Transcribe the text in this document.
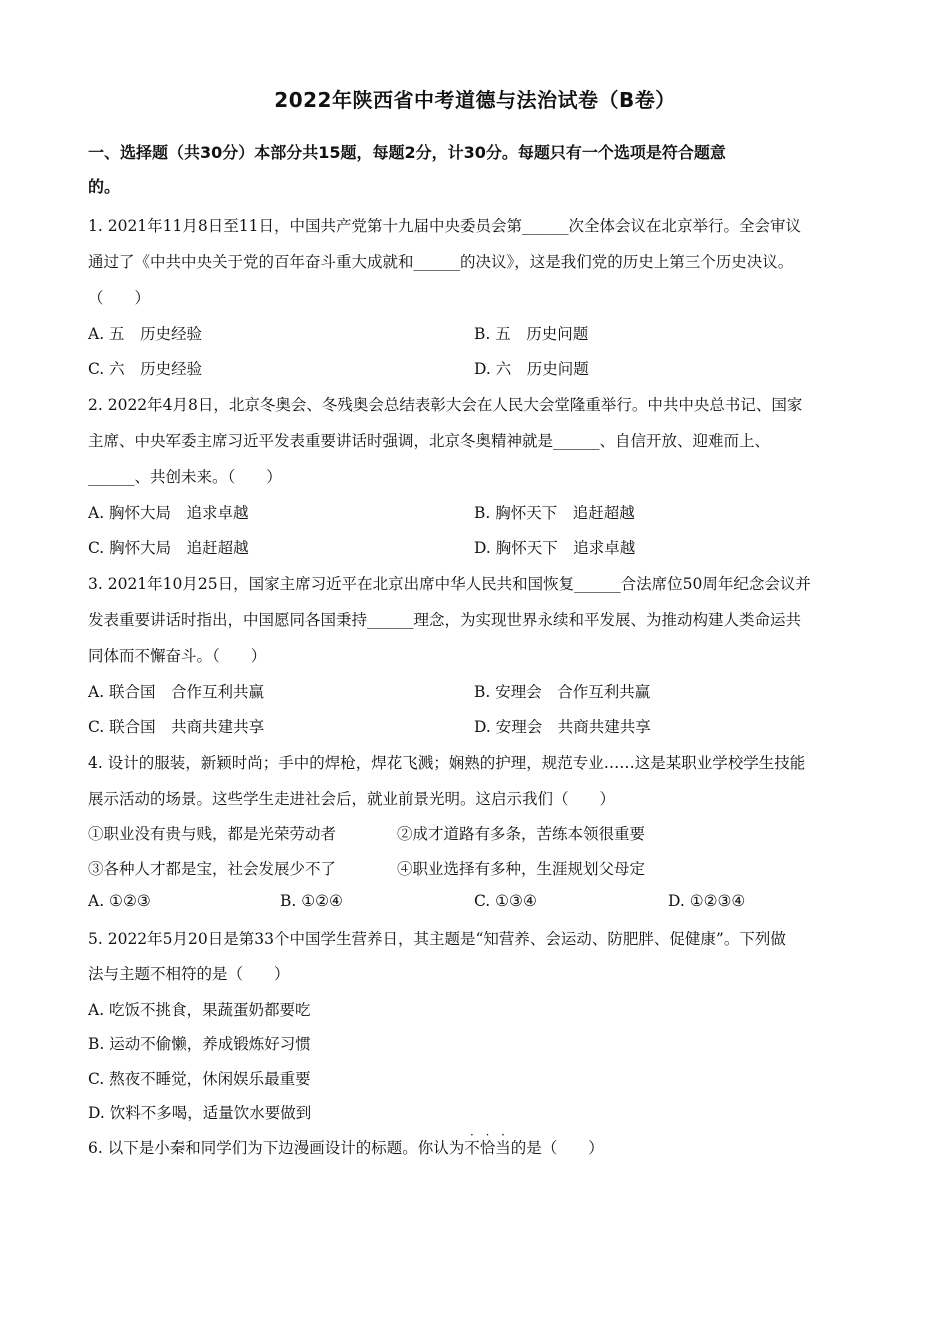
2022年陕西省中考道德与法治试卷（B卷）
一、选择题（共30分）本部分共15题，每题2分，计30分。每题只有一个选项是符合题意
的。
1. 2021年11月8日至11日，中国共产党第十九届中央委员会第______次全体会议在北京举行。全会审议
通过了《中共中央关于党的百年奋斗重大成就和______的决议》，这是我们党的历史上第三个历史决议。
（　　）
A. 五　历史经验	B. 五　历史问题
C. 六　历史经验	D. 六　历史问题
2. 2022年4月8日，北京冬奥会、冬残奥会总结表彰大会在人民大会堂隆重举行。中共中央总书记、国家
主席、中央军委主席习近平发表重要讲话时强调，北京冬奥精神就是______、自信开放、迎难而上、
______、共创未来。（　　）
A. 胸怀大局　追求卓越	B. 胸怀天下　追赶超越
C. 胸怀大局　追赶超越	D. 胸怀天下　追求卓越
3. 2021年10月25日，国家主席习近平在北京出席中华人民共和国恢复______合法席位50周年纪念会议并
发表重要讲话时指出，中国愿同各国秉持______理念，为实现世界永续和平发展、为推动构建人类命运共
同体而不懈奋斗。（　　）
A. 联合国　合作互利共赢	B. 安理会　合作互利共赢
C. 联合国　共商共建共享	D. 安理会　共商共建共享
4. 设计的服装，新颖时尚；手中的焊枪，焊花飞溅；娴熟的护理，规范专业……这是某职业学校学生技能
展示活动的场景。这些学生走进社会后，就业前景光明。这启示我们（　　）
①职业没有贵与贱，都是光荣劳动者	②成才道路有多条，苦练本领很重要
③各种人才都是宝，社会发展少不了	④职业选择有多种，生涯规划父母定
A. ①②③	B. ①②④	C. ①③④	D. ①②③④
5. 2022年5月20日是第33个中国学生营养日，其主题是“知营养、会运动、防肥胖、促健康”。下列做
法与主题不相符的是（　　）
A. 吃饭不挑食，果蔬蛋奶都要吃
B. 运动不偷懒，养成锻炼好习惯
C. 熬夜不睡觉，休闲娱乐最重要
D. 饮料不多喝，适量饮水要做到
6. 以下是小秦和同学们为下边漫画设计的标题。你认为
·
不
·
恰
·
当的是（　　）
